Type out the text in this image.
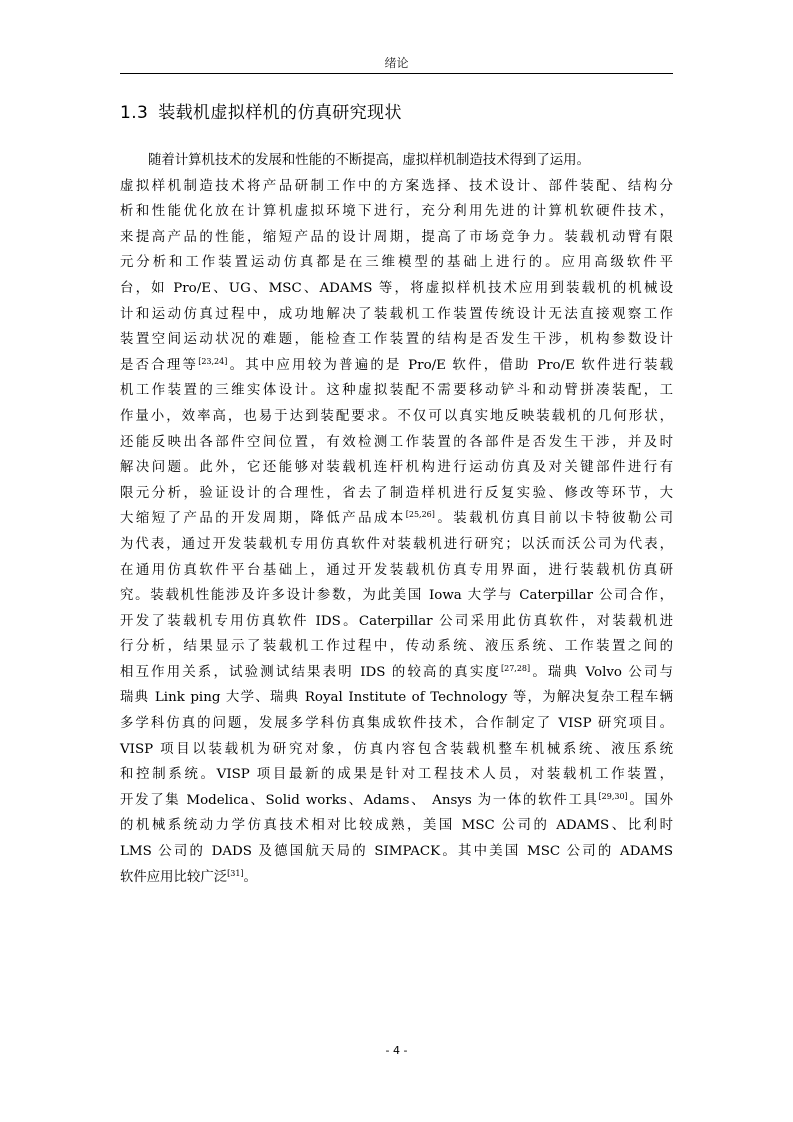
绪论
1.3 装载机虚拟样机的仿真研究现状
随着计算机技术的发展和性能的不断提高，虚拟样机制造技术得到了运用。
虚拟样机制造技术将产品研制工作中的方案选择、技术设计、部件装配、结构分
析和性能优化放在计算机虚拟环境下进行，充分利用先进的计算机软硬件技术，
来提高产品的性能，缩短产品的设计周期，提高了市场竞争力。装载机动臂有限
元分析和工作装置运动仿真都是在三维模型的基础上进行的。应用高级软件平
台，如 Pro/E、UG、MSC、ADAMS 等，将虚拟样机技术应用到装载机的机械设
计和运动仿真过程中，成功地解决了装载机工作装置传统设计无法直接观察工作
装置空间运动状况的难题，能检查工作装置的结构是否发生干涉，机构参数设计
是否合理等[23,24]。其中应用较为普遍的是 Pro/E 软件，借助 Pro/E 软件进行装载
机工作装置的三维实体设计。这种虚拟装配不需要移动铲斗和动臂拼凑装配，工
作量小，效率高，也易于达到装配要求。不仅可以真实地反映装载机的几何形状，
还能反映出各部件空间位置，有效检测工作装置的各部件是否发生干涉，并及时
解决问题。此外，它还能够对装载机连杆机构进行运动仿真及对关键部件进行有
限元分析，验证设计的合理性，省去了制造样机进行反复实验、修改等环节，大
大缩短了产品的开发周期，降低产品成本[25,26]。装载机仿真目前以卡特彼勒公司
为代表，通过开发装载机专用仿真软件对装载机进行研究；以沃而沃公司为代表，
在通用仿真软件平台基础上，通过开发装载机仿真专用界面，进行装载机仿真研
究。装载机性能涉及许多设计参数，为此美国 Iowa 大学与 Caterpillar 公司合作，
开发了装载机专用仿真软件 IDS。Caterpillar 公司采用此仿真软件，对装载机进
行分析，结果显示了装载机工作过程中，传动系统、液压系统、工作装置之间的
相互作用关系，试验测试结果表明 IDS 的较高的真实度[27,28]。瑞典 Volvo 公司与
瑞典 Link ping 大学、瑞典 Royal Institute of Technology 等，为解决复杂工程车辆
多学科仿真的问题，发展多学科仿真集成软件技术，合作制定了 VISP 研究项目。
VISP 项目以装载机为研究对象，仿真内容包含装载机整车机械系统、液压系统
和控制系统。VISP 项目最新的成果是针对工程技术人员，对装载机工作装置，
开发了集 Modelica、Solid works、Adams、 Ansys 为一体的软件工具[29,30]。国外
的机械系统动力学仿真技术相对比较成熟，美国 MSC 公司的 ADAMS、比利时
LMS 公司的 DADS 及德国航天局的 SIMPACK。其中美国 MSC 公司的 ADAMS
软件应用比较广泛[31]。
- 4 -
